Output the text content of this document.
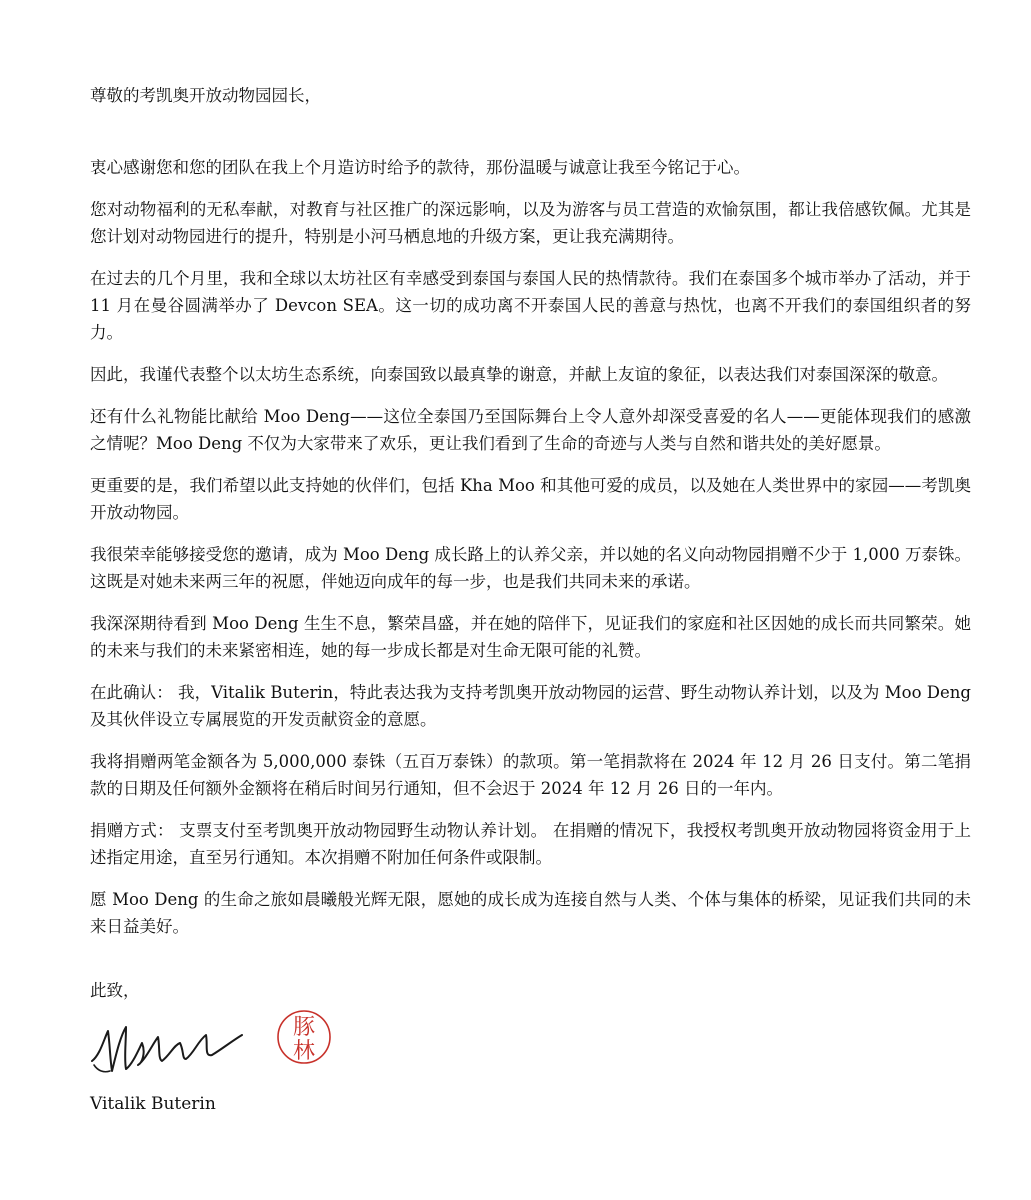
尊敬的考凯奥开放动物园园长，

衷心感谢您和您的团队在我上个月造访时给予的款待，那份温暖与诚意让我至今铭记于心。

您对动物福利的无私奉献，对教育与社区推广的深远影响，以及为游客与员工营造的欢愉氛围，都让我倍感钦佩。尤其是您计划对动物园进行的提升，特别是小河马栖息地的升级方案，更让我充满期待。

在过去的几个月里，我和全球以太坊社区有幸感受到泰国与泰国人民的热情款待。我们在泰国多个城市举办了活动，并于 11 月在曼谷圆满举办了 Devcon SEA。这一切的成功离不开泰国人民的善意与热忱，也离不开我们的泰国组织者的努力。

因此，我谨代表整个以太坊生态系统，向泰国致以最真挚的谢意，并献上友谊的象征，以表达我们对泰国深深的敬意。

还有什么礼物能比献给 Moo Deng——这位全泰国乃至国际舞台上令人意外却深受喜爱的名人——更能体现我们的感激之情呢？Moo Deng 不仅为大家带来了欢乐，更让我们看到了生命的奇迹与人类与自然和谐共处的美好愿景。

更重要的是，我们希望以此支持她的伙伴们，包括 Kha Moo 和其他可爱的成员，以及她在人类世界中的家园——考凯奥开放动物园。

我很荣幸能够接受您的邀请，成为 Moo Deng 成长路上的认养父亲，并以她的名义向动物园捐赠不少于 1,000 万泰铢。这既是对她未来两三年的祝愿，伴她迈向成年的每一步，也是我们共同未来的承诺。

我深深期待看到 Moo Deng 生生不息，繁荣昌盛，并在她的陪伴下，见证我们的家庭和社区因她的成长而共同繁荣。她的未来与我们的未来紧密相连，她的每一步成长都是对生命无限可能的礼赞。

在此确认： 我，Vitalik Buterin，特此表达我为支持考凯奥开放动物园的运营、野生动物认养计划，以及为 Moo Deng 及其伙伴设立专属展览的开发贡献资金的意愿。

我将捐赠两笔金额各为 5,000,000 泰铢（五百万泰铢）的款项。第一笔捐款将在 2024 年 12 月 26 日支付。第二笔捐款的日期及任何额外金额将在稍后时间另行通知，但不会迟于 2024 年 12 月 26 日的一年内。

捐赠方式： 支票支付至考凯奥开放动物园野生动物认养计划。 在捐赠的情况下，我授权考凯奥开放动物园将资金用于上述指定用途，直至另行通知。本次捐赠不附加任何条件或限制。

愿 Moo Deng 的生命之旅如晨曦般光辉无限，愿她的成长成为连接自然与人类、个体与集体的桥梁，见证我们共同的未来日益美好。

此致，
豚
林
Vitalik Buterin
